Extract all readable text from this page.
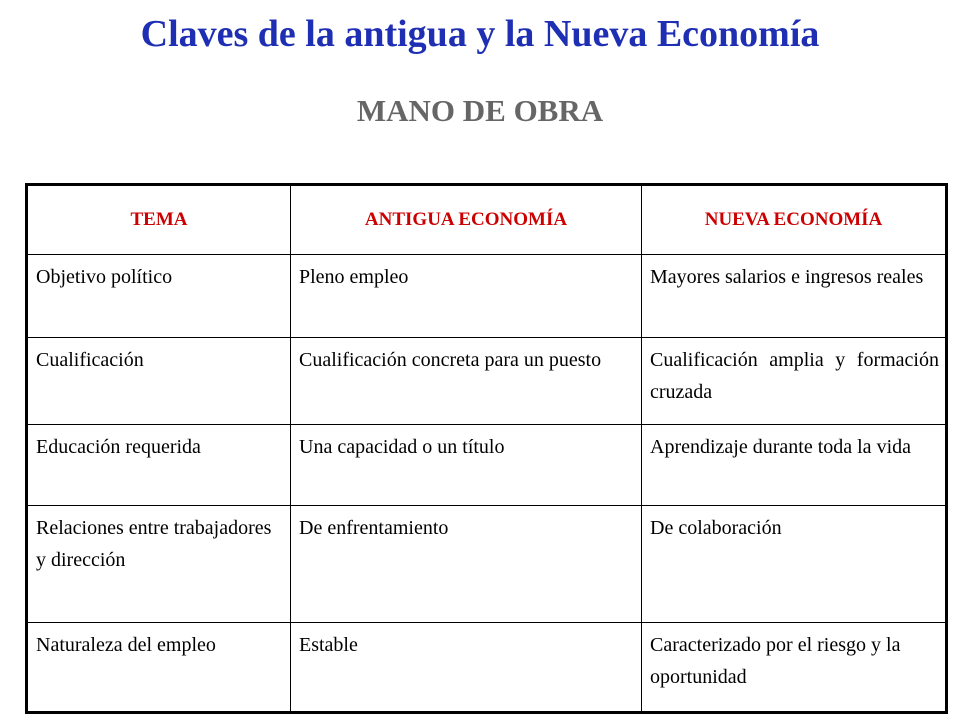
Claves de la antigua y la Nueva Economía
MANO DE OBRA
TEMA	ANTIGUA ECONOMÍA	NUEVA ECONOMÍA
Objetivo político	Pleno empleo	Mayores salarios e ingresos reales
Cualificación	Cualificación concreta para un puesto	Cualificación amplia y formación cruzada
Educación requerida	Una capacidad o un título	Aprendizaje durante toda la vida
Relaciones entre trabajadores y dirección	De enfrentamiento	De colaboración
Naturaleza del empleo	Estable	Caracterizado por el riesgo y la oportunidad
